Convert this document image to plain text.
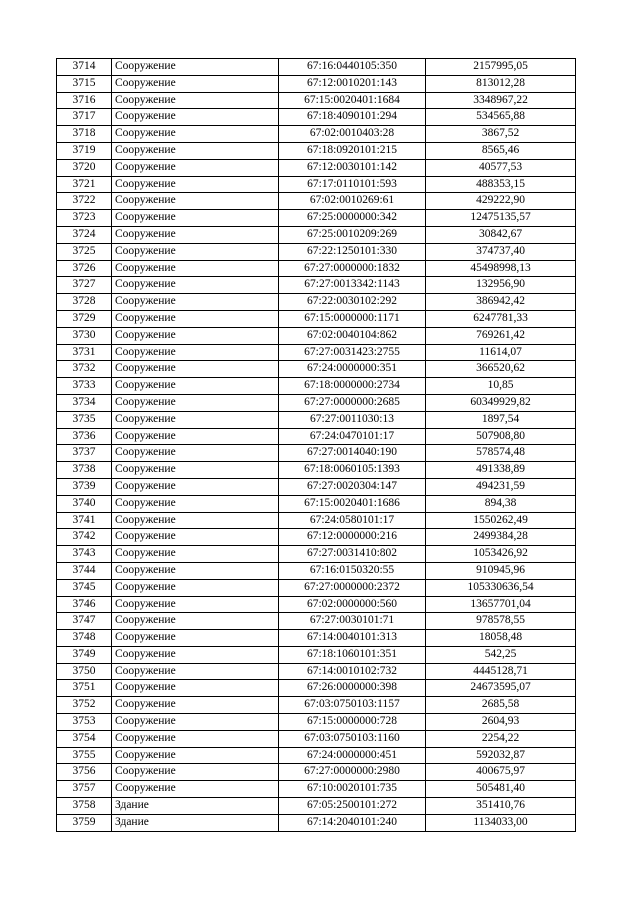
3714	Сооружение	67:16:0440105:350	2157995,05
3715	Сооружение	67:12:0010201:143	813012,28
3716	Сооружение	67:15:0020401:1684	3348967,22
3717	Сооружение	67:18:4090101:294	534565,88
3718	Сооружение	67:02:0010403:28	3867,52
3719	Сооружение	67:18:0920101:215	8565,46
3720	Сооружение	67:12:0030101:142	40577,53
3721	Сооружение	67:17:0110101:593	488353,15
3722	Сооружение	67:02:0010269:61	429222,90
3723	Сооружение	67:25:0000000:342	12475135,57
3724	Сооружение	67:25:0010209:269	30842,67
3725	Сооружение	67:22:1250101:330	374737,40
3726	Сооружение	67:27:0000000:1832	45498998,13
3727	Сооружение	67:27:0013342:1143	132956,90
3728	Сооружение	67:22:0030102:292	386942,42
3729	Сооружение	67:15:0000000:1171	6247781,33
3730	Сооружение	67:02:0040104:862	769261,42
3731	Сооружение	67:27:0031423:2755	11614,07
3732	Сооружение	67:24:0000000:351	366520,62
3733	Сооружение	67:18:0000000:2734	10,85
3734	Сооружение	67:27:0000000:2685	60349929,82
3735	Сооружение	67:27:0011030:13	1897,54
3736	Сооружение	67:24:0470101:17	507908,80
3737	Сооружение	67:27:0014040:190	578574,48
3738	Сооружение	67:18:0060105:1393	491338,89
3739	Сооружение	67:27:0020304:147	494231,59
3740	Сооружение	67:15:0020401:1686	894,38
3741	Сооружение	67:24:0580101:17	1550262,49
3742	Сооружение	67:12:0000000:216	2499384,28
3743	Сооружение	67:27:0031410:802	1053426,92
3744	Сооружение	67:16:0150320:55	910945,96
3745	Сооружение	67:27:0000000:2372	105330636,54
3746	Сооружение	67:02:0000000:560	13657701,04
3747	Сооружение	67:27:0030101:71	978578,55
3748	Сооружение	67:14:0040101:313	18058,48
3749	Сооружение	67:18:1060101:351	542,25
3750	Сооружение	67:14:0010102:732	4445128,71
3751	Сооружение	67:26:0000000:398	24673595,07
3752	Сооружение	67:03:0750103:1157	2685,58
3753	Сооружение	67:15:0000000:728	2604,93
3754	Сооружение	67:03:0750103:1160	2254,22
3755	Сооружение	67:24:0000000:451	592032,87
3756	Сооружение	67:27:0000000:2980	400675,97
3757	Сооружение	67:10:0020101:735	505481,40
3758	Здание	67:05:2500101:272	351410,76
3759	Здание	67:14:2040101:240	1134033,00
